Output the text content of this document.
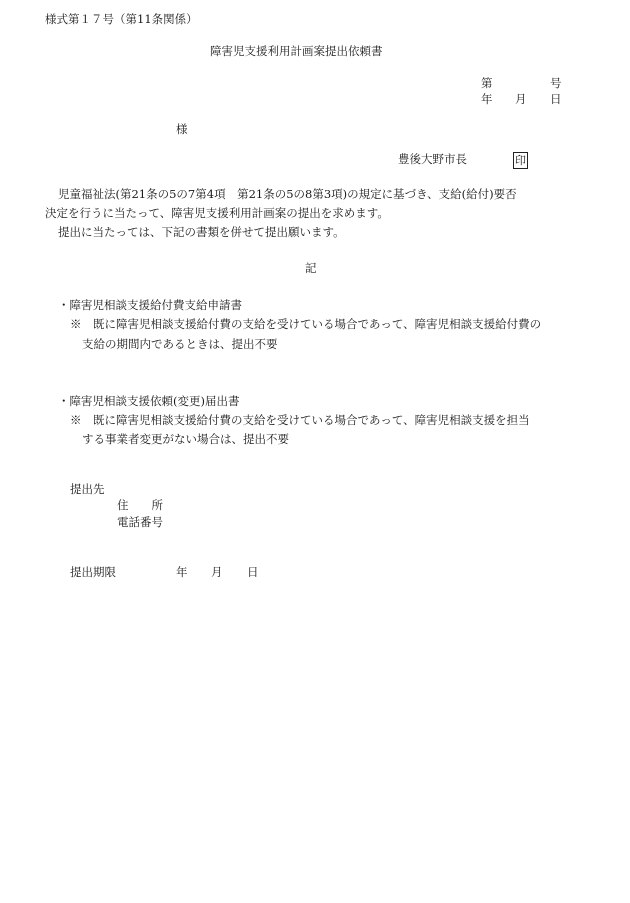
様式第１７号（第11条関係）
障害児支援利用計画案提出依頼書
第	号
年 月 日
様
豊後大野市長	印
児童福祉法(第21条の5の7第4項　第21条の5の8第3項)の規定に基づき、支給(給付)要否
決定を行うに当たって、障害児支援利用計画案の提出を求めます。
提出に当たっては、下記の書類を併せて提出願います。
記
・障害児相談支援給付費支給申請書
※　既に障害児相談支援給付費の支給を受けている場合であって、障害児相談支援給付費の
支給の期間内であるときは、提出不要
・障害児相談支援依頼(変更)届出書
※　既に障害児相談支援給付費の支給を受けている場合であって、障害児相談支援を担当
する事業者変更がない場合は、提出不要
提出先
住　　所
電話番号
提出期限	年 月 日
